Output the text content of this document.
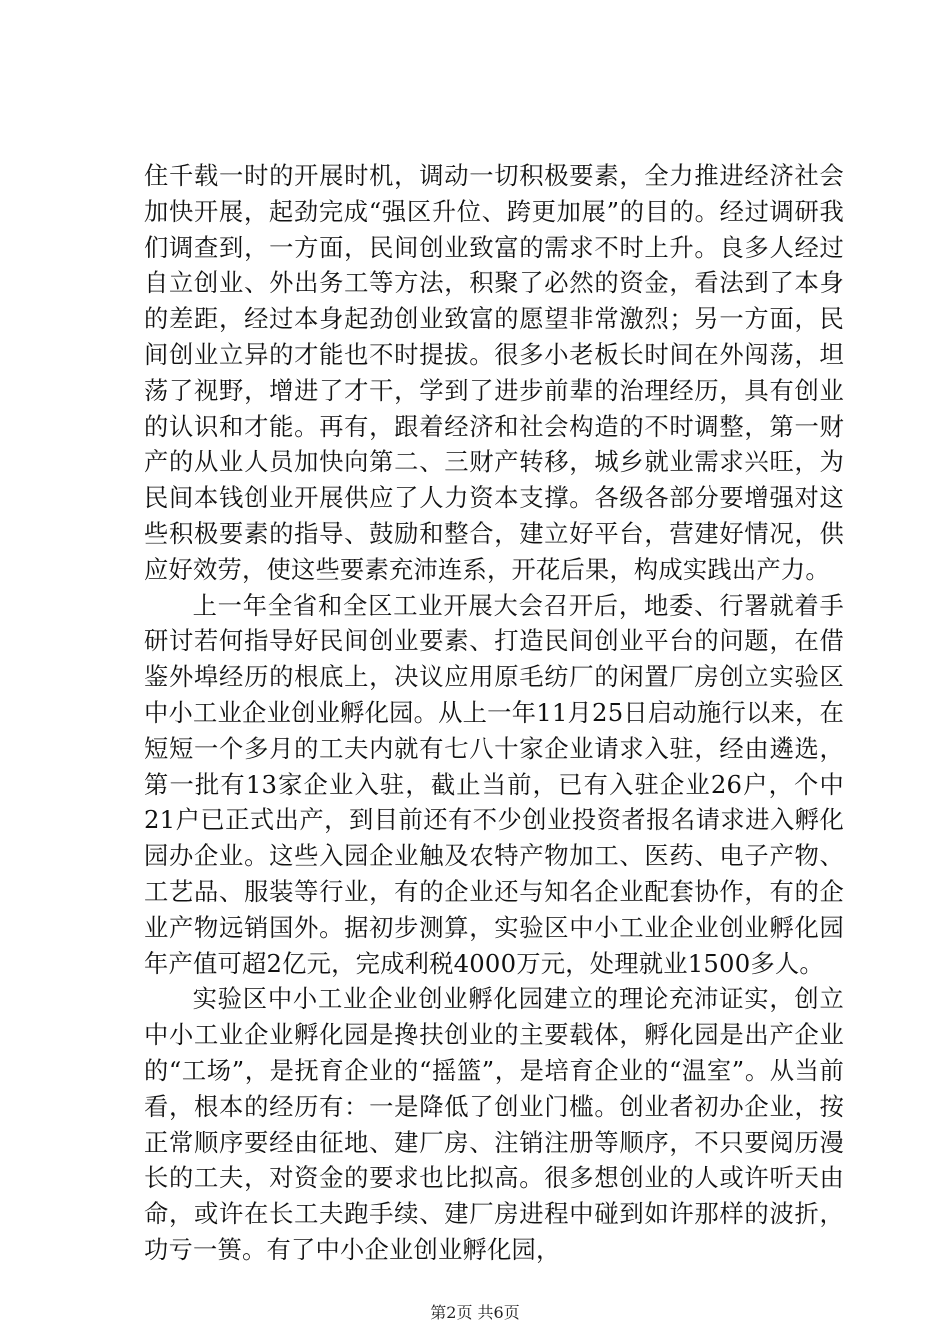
住千载一时的开展时机，调动一切积极要素，全力推进经济社会加快开展，起劲完成“强区升位、跨更加展”的目的。经过调研我们调查到，一方面，民间创业致富的需求不时上升。良多人经过自立创业、外出务工等方法，积聚了必然的资金，看法到了本身的差距，经过本身起劲创业致富的愿望非常激烈；另一方面，民间创业立异的才能也不时提拔。很多小老板长时间在外闯荡，坦荡了视野，增进了才干，学到了进步前辈的治理经历，具有创业的认识和才能。再有，跟着经济和社会构造的不时调整，第一财产的从业人员加快向第二、三财产转移，城乡就业需求兴旺，为民间本钱创业开展供应了人力资本支撑。各级各部分要增强对这些积极要素的指导、鼓励和整合，建立好平台，营建好情况，供应好效劳，使这些要素充沛连系，开花后果，构成实践出产力。

上一年全省和全区工业开展大会召开后，地委、行署就着手研讨若何指导好民间创业要素、打造民间创业平台的问题，在借鉴外埠经历的根底上，决议应用原毛纺厂的闲置厂房创立实验区中小工业企业创业孵化园。从上一年11月25日启动施行以来，在短短一个多月的工夫内就有七八十家企业请求入驻，经由遴选，第一批有13家企业入驻，截止当前，已有入驻企业26户，个中21户已正式出产，到目前还有不少创业投资者报名请求进入孵化园办企业。这些入园企业触及农特产物加工、医药、电子产物、工艺品、服装等行业，有的企业还与知名企业配套协作，有的企业产物远销国外。据初步测算，实验区中小工业企业创业孵化园年产值可超2亿元，完成利税4000万元，处理就业1500多人。

实验区中小工业企业创业孵化园建立的理论充沛证实，创立中小工业企业孵化园是搀扶创业的主要载体，孵化园是出产企业的“工场”，是抚育企业的“摇篮”，是培育企业的“温室”。从当前看，根本的经历有：一是降低了创业门槛。创业者初办企业，按正常顺序要经由征地、建厂房、注销注册等顺序，不只要阅历漫长的工夫，对资金的要求也比拟高。很多想创业的人或许听天由命，或许在长工夫跑手续、建厂房进程中碰到如许那样的波折，功亏一篑。有了中小企业创业孵化园，

第2页 共6页
